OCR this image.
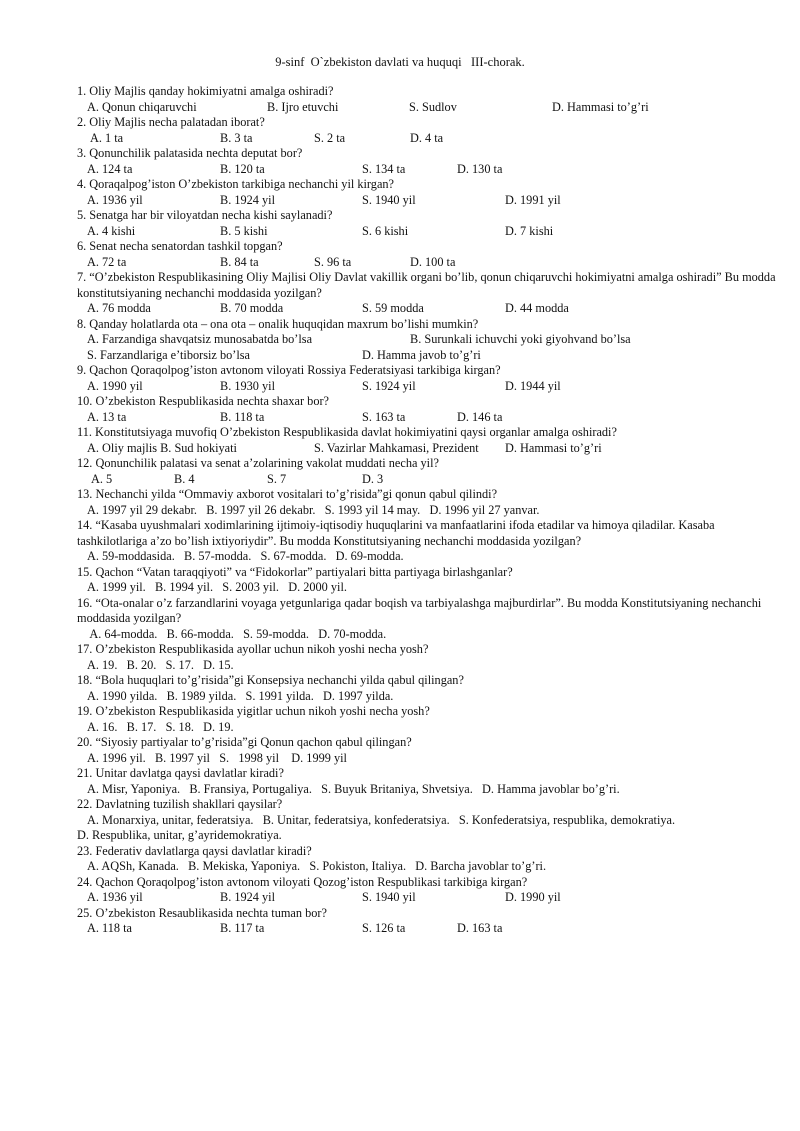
9-sinf  O`zbekiston davlati va huquqi   III-chorak.
1. Oliy Majlis qanday hokimiyatni amalga oshiradi?
A. Qonun chiqaruvchi	B. Ijro etuvchi	S. Sudlov	D. Hammasi to’g’ri
2. Oliy Majlis necha palatadan iborat?
A. 1 ta	B. 3 ta	S. 2 ta	D. 4 ta
3. Qonunchilik palatasida nechta deputat bor?
A. 124 ta	B. 120 ta	S. 134 ta	D. 130 ta
4. Qoraqalpog’iston O’zbekiston tarkibiga nechanchi yil kirgan?
A. 1936 yil	B. 1924 yil	S. 1940 yil	D. 1991 yil
5. Senatga har bir viloyatdan necha kishi saylanadi?
A. 4 kishi	B. 5 kishi	S. 6 kishi	D. 7 kishi
6. Senat necha senatordan tashkil topgan?
A. 72 ta	B. 84 ta	S. 96 ta	D. 100 ta
7. “O’zbekiston Respublikasining Oliy Majlisi Oliy Davlat vakillik organi bo’lib, qonun chiqaruvchi hokimiyatni amalga oshiradi” Bu modda konstitutsiyaning nechanchi moddasida yozilgan?
A. 76 modda	B. 70 modda	S. 59 modda	D. 44 modda
8. Qanday holatlarda ota – ona ota – onalik huquqidan maxrum bo’lishi mumkin?
A. Farzandiga shavqatsiz munosabatda bo’lsa	B. Surunkali ichuvchi yoki giyohvand bo’lsa
S. Farzandlariga e’tiborsiz bo’lsa	D. Hamma javob to’g’ri
9. Qachon Qoraqolpog’iston avtonom viloyati Rossiya Federatsiyasi tarkibiga kirgan?
A. 1990 yil	B. 1930 yil	S. 1924 yil	D. 1944 yil
10. O’zbekiston Respublikasida nechta shaxar bor?
A. 13 ta	B. 118 ta	S. 163 ta	D. 146 ta
11. Konstitutsiyaga muvofiq O’zbekiston Respublikasida davlat hokimiyatini qaysi organlar amalga oshiradi?
A. Oliy majlis B. Sud hokiyati	S. Vazirlar Mahkamasi, Prezident D. Hammasi to’g’ri
12. Qonunchilik palatasi va senat a’zolarining vakolat muddati necha yil?
A. 5	B. 4	S. 7	D. 3
13. Nechanchi yilda “Ommaviy axborot vositalari to’g’risida”gi qonun qabul qilindi?
A. 1997 yil 29 dekabr.   B. 1997 yil 26 dekabr.   S. 1993 yil 14 may.   D. 1996 yil 27 yanvar.
14. “Kasaba uyushmalari xodimlarining ijtimoiy-iqtisodiy huquqlarini va manfaatlarini ifoda etadilar va himoya qiladilar. Kasaba tashkilotlariga a’zo bo’lish ixtiyoriydir”. Bu modda Konstitutsiyaning nechanchi moddasida yozilgan?
A. 59-moddasida.   B. 57-modda.   S. 67-modda.   D. 69-modda.
15. Qachon “Vatan taraqqiyoti” va “Fidokorlar” partiyalari bitta partiyaga birlashganlar?
A. 1999 yil.   B. 1994 yil.   S. 2003 yil.   D. 2000 yil.
16. “Ota-onalar o’z farzandlarini voyaga yetgunlariga qadar boqish va tarbiyalashga majburdirlar”. Bu modda Konstitutsiyaning nechanchi moddasida yozilgan?
A. 64-modda.   B. 66-modda.   S. 59-modda.   D. 70-modda.
17. O’zbekiston Respublikasida ayollar uchun nikoh yoshi necha yosh?
A. 19.   B. 20.   S. 17.   D. 15.
18. “Bola huquqlari to’g’risida”gi Konsepsiya nechanchi yilda qabul qilingan?
A. 1990 yilda.   B. 1989 yilda.   S. 1991 yilda.   D. 1997 yilda.
19. O’zbekiston Respublikasida yigitlar uchun nikoh yoshi necha yosh?
A. 16.   B. 17.   S. 18.   D. 19.
20. “Siyosiy partiyalar to’g’risida”gi Qonun qachon qabul qilingan?
A. 1996 yil.   B. 1997 yil   S.   1998 yil    D. 1999 yil
21. Unitar davlatga qaysi davlatlar kiradi?
A. Misr, Yaponiya.   B. Fransiya, Portugaliya.   S. Buyuk Britaniya, Shvetsiya.   D. Hamma javoblar bo’g’ri.
22. Davlatning tuzilish shakllari qaysilar?
A. Monarxiya, unitar, federatsiya.   B. Unitar, federatsiya, konfederatsiya.   S. Konfederatsiya, respublika, demokratiya.
D. Respublika, unitar, g’ayridemokratiya.
23. Federativ davlatlarga qaysi davlatlar kiradi?
A. AQSh, Kanada.   B. Mekiska, Yaponiya.   S. Pokiston, Italiya.   D. Barcha javoblar to’g’ri.
24. Qachon Qoraqolpog’iston avtonom viloyati Qozog’iston Respublikasi tarkibiga kirgan?
A. 1936 yil	B. 1924 yil	S. 1940 yil	D. 1990 yil
25. O’zbekiston Resaublikasida nechta tuman bor?
A. 118 ta	B. 117 ta	S. 126 ta	D. 163 ta
